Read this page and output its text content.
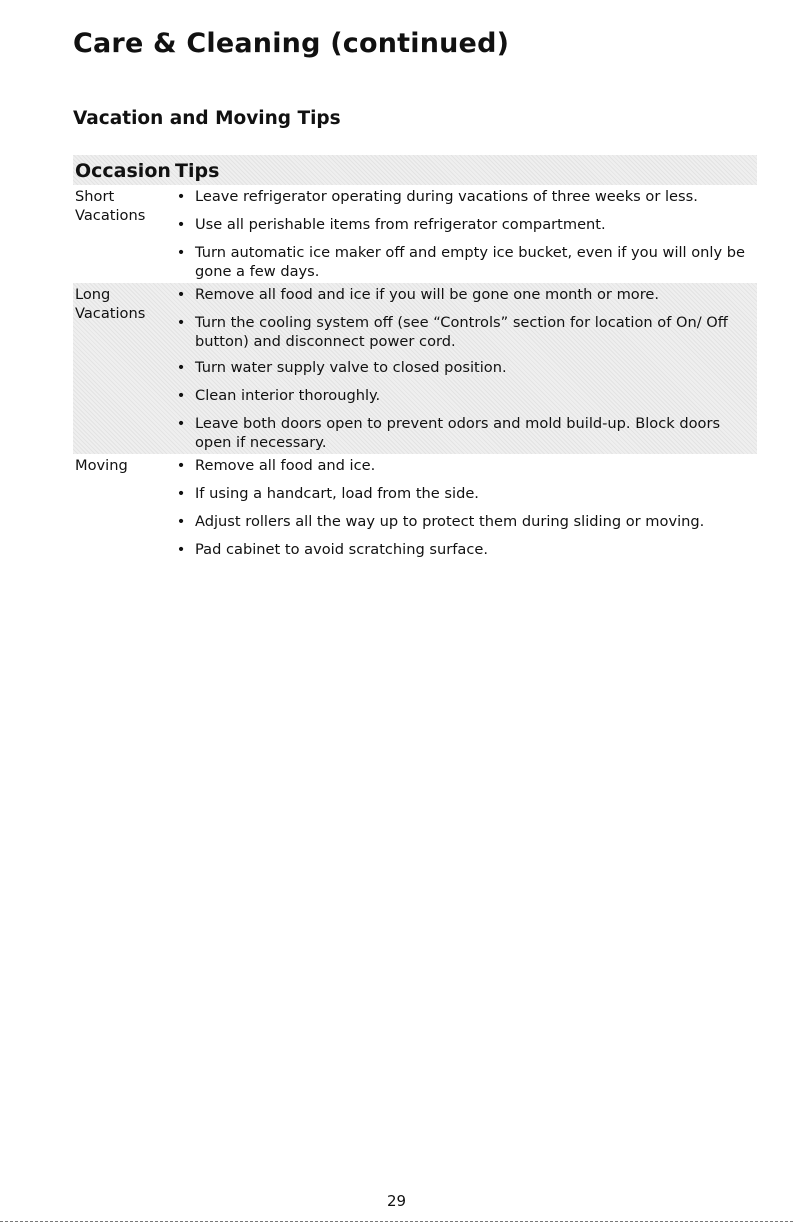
Care & Cleaning (continued)
Vacation and Moving Tips
Occasion Tips
Short Vacations
• Leave refrigerator operating during vacations of three weeks or less.
• Use all perishable items from refrigerator compartment.
• Turn automatic ice maker off and empty ice bucket, even if you will only be gone a few days.
Long Vacations
• Remove all food and ice if you will be gone one month or more.
• Turn the cooling system off (see “Controls” section for location of On/ Off button) and disconnect power cord.
• Turn water supply valve to closed position.
• Clean interior thoroughly.
• Leave both doors open to prevent odors and mold build-up. Block doors open if necessary.
Moving	• Remove all food and ice.
• If using a handcart, load from the side.
• Adjust rollers all the way up to protect them during sliding or moving.
• Pad cabinet to avoid scratching surface.
29
